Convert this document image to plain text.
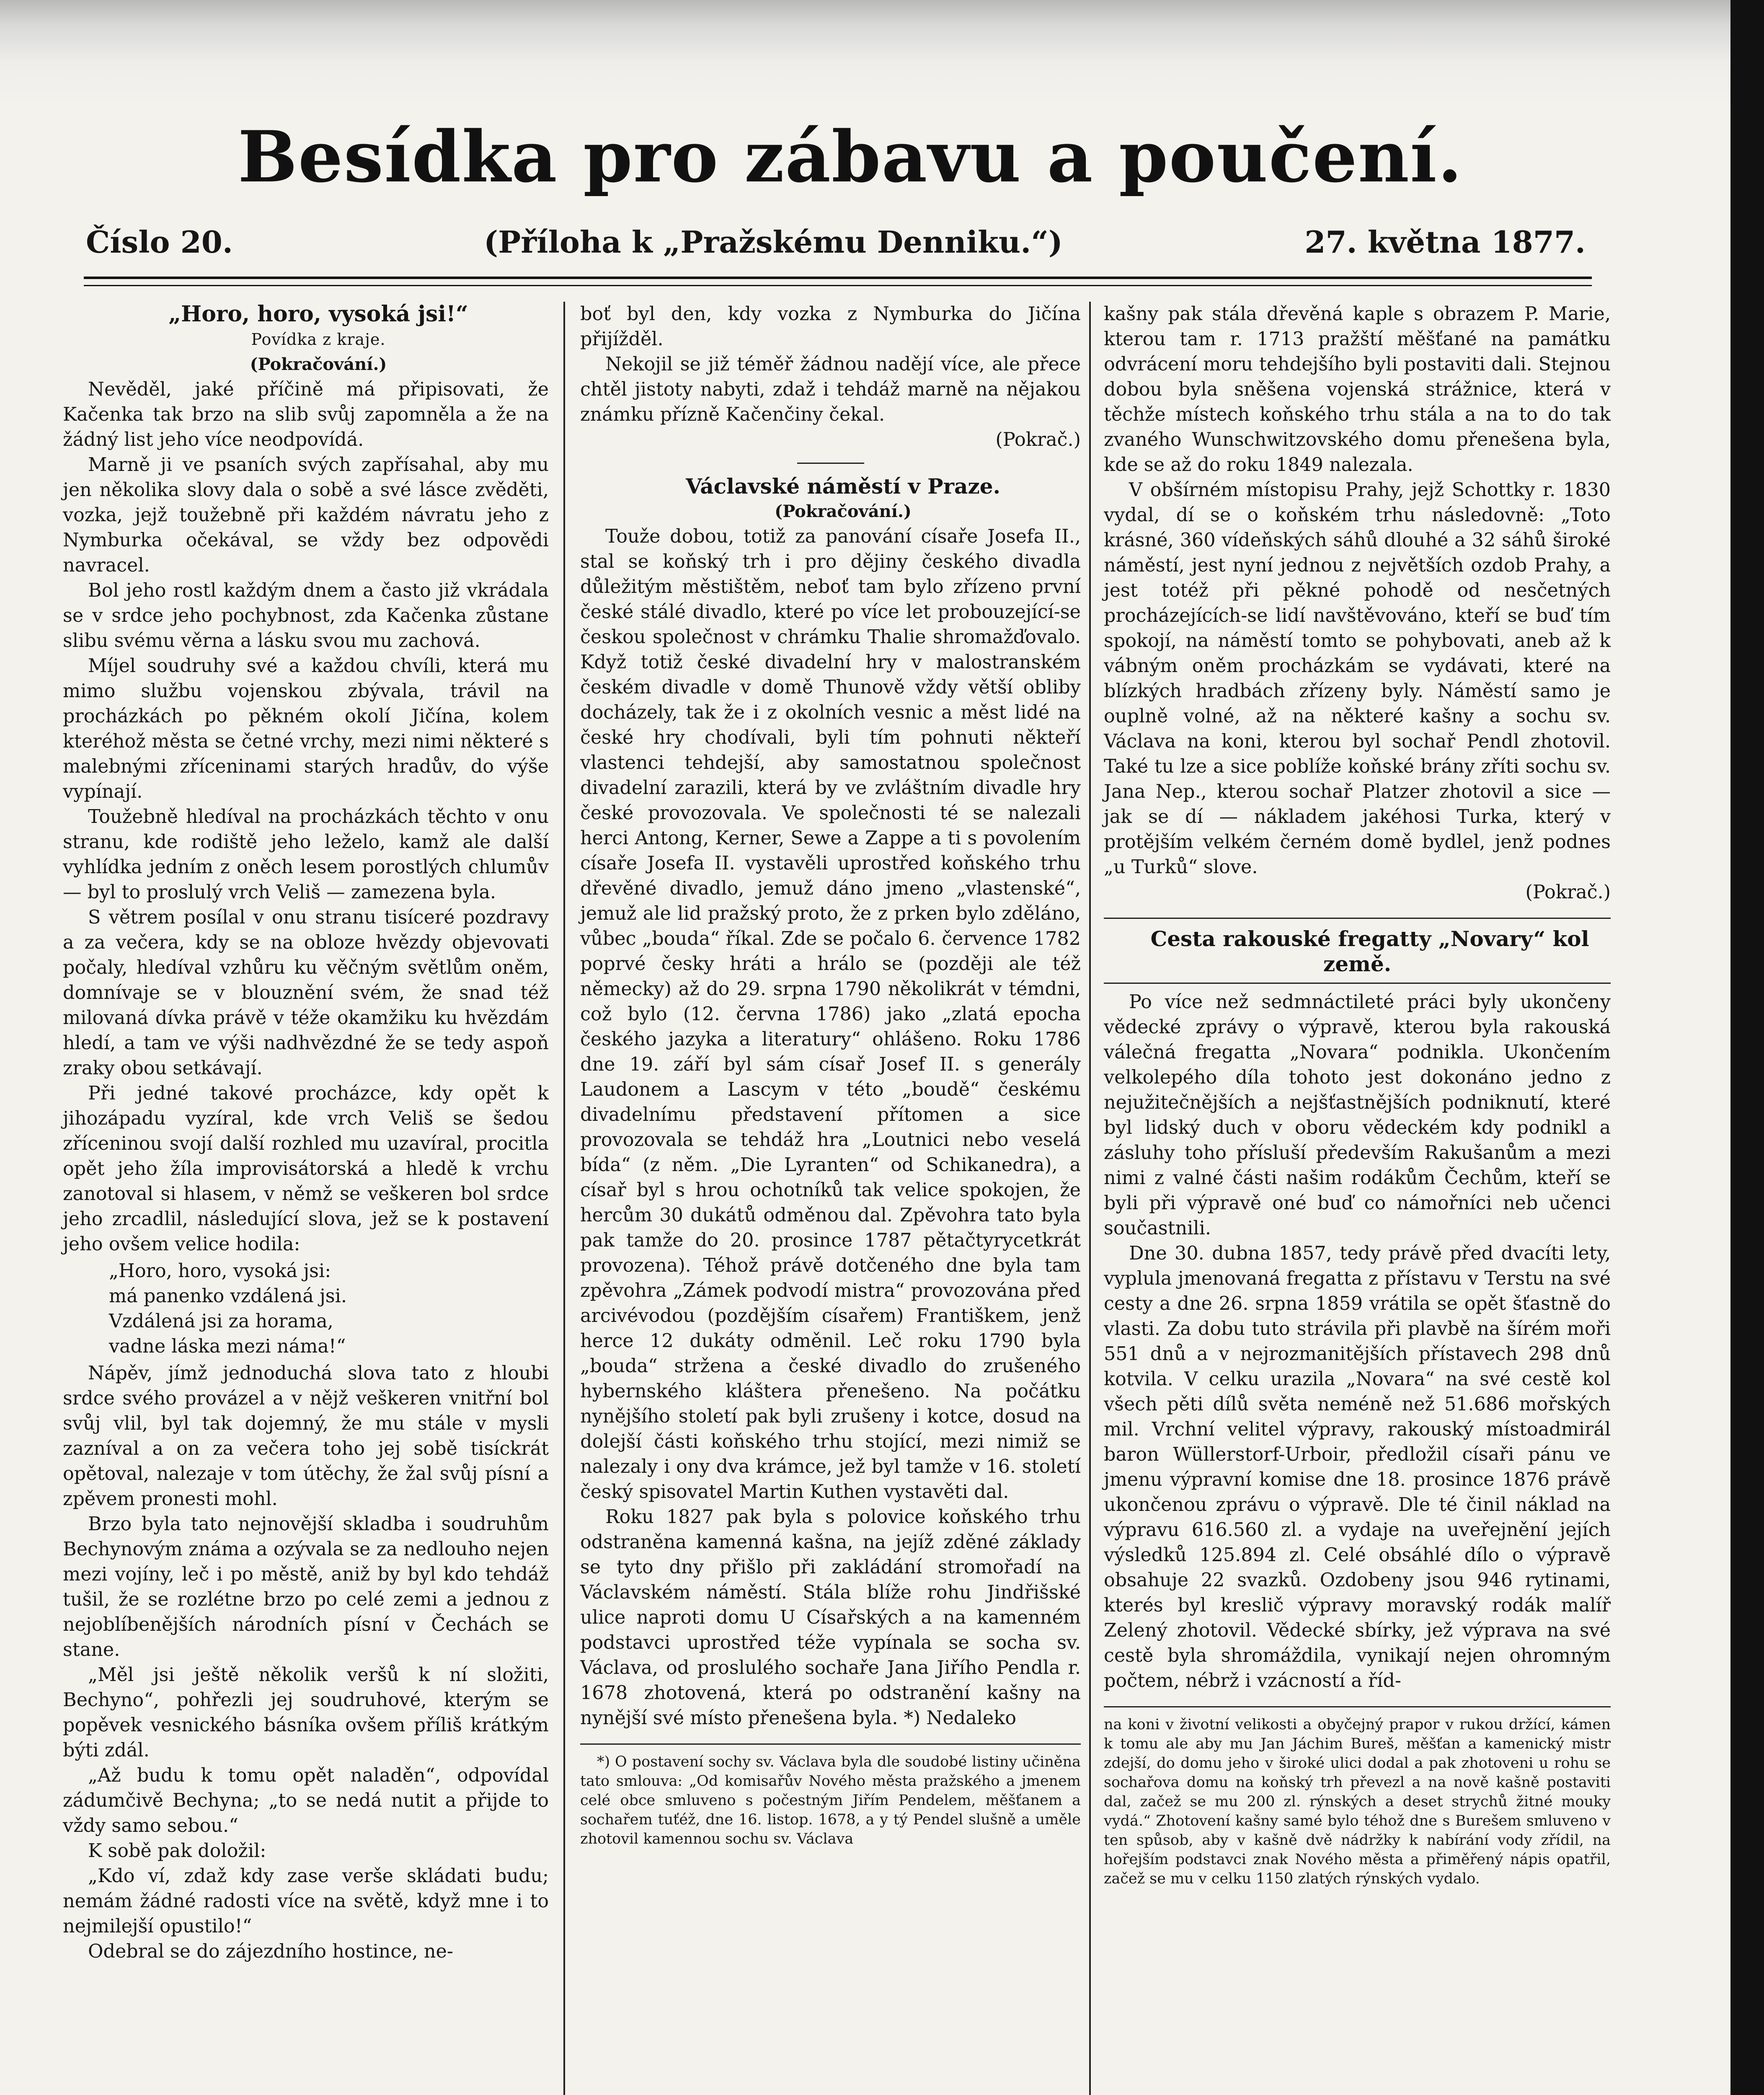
Besídka pro zábavu a poučení.
Číslo 20.	(Příloha k „Pražskému Denniku.“)	27. května 1877.

„Horo, horo, vysoká jsi!“

Povídka z kraje.

(Pokračování.)

Nevěděl, jaké příčině má připisovati, že Kačenka tak brzo na slib svůj zapomněla a že na žádný list jeho více neodpovídá.

Marně ji ve psaních svých zapřísahal, aby mu jen několika slovy dala o sobě a své lásce zvěděti, vozka, jejž toužebně při každém návratu jeho z Nymburka očekával, se vždy bez odpovědi navracel.

Bol jeho rostl každým dnem a často již vkrádala se v srdce jeho pochybnost, zda Kačenka zůstane slibu svému věrna a lásku svou mu zachová.

Míjel soudruhy své a každou chvíli, která mu mimo službu vojenskou zbývala, trávil na procházkách po pěkném okolí Jičína, kolem kteréhož města se četné vrchy, mezi nimi některé s malebnými zříceninami starých hradův, do výše vypínají.

Toužebně hledíval na procházkách těchto v onu stranu, kde rodiště jeho leželo, kamž ale další vyhlídka jedním z oněch lesem porostlých chlumův — byl to proslulý vrch Veliš — zamezena byla.

S větrem posílal v onu stranu tisíceré pozdravy a za večera, kdy se na obloze hvězdy objevovati počaly, hledíval vzhůru ku věčným světlům oněm, domnívaje se v blouznění svém, že snad též milovaná dívka právě v téže okamžiku ku hvězdám hledí, a tam ve výši nadhvězdné že se tedy aspoň zraky obou setkávají.

Při jedné takové procházce, kdy opět k jihozápadu vyzíral, kde vrch Veliš se šedou zříceninou svojí další rozhled mu uzavíral, procitla opět jeho žíla improvisátorská a hledě k vrchu zanotoval si hlasem, v němž se veškeren bol srdce jeho zrcadlil, následující slova, jež se k postavení jeho ovšem velice hodila:

„Horo, horo, vysoká jsi:
má panenko vzdálená jsi.
Vzdálená jsi za horama,
vadne láska mezi náma!“

Nápěv, jímž jednoduchá slova tato z hloubi srdce svého provázel a v nějž veškeren vnitřní bol svůj vlil, byl tak dojemný, že mu stále v mysli zazníval a on za večera toho jej sobě tisíckrát opětoval, nalezaje v tom útěchy, že žal svůj písní a zpěvem pronesti mohl.

Brzo byla tato nejnovější skladba i soudruhům Bechynovým známa a ozývala se za nedlouho nejen mezi vojíny, leč i po městě, aniž by byl kdo tehdáž tušil, že se rozlétne brzo po celé zemi a jednou z nejoblíbenějších národních písní v Čechách se stane.

„Měl jsi ještě několik veršů k ní složiti, Bechyno“, pohřezli jej soudruhové, kterým se popěvek vesnického básníka ovšem příliš krátkým býti zdál.

„Až budu k tomu opět naladěn“, odpovídal zádumčivě Bechyna; „to se nedá nutit a přijde to vždy samo sebou.“

K sobě pak doložil:

„Kdo ví, zdaž kdy zase verše skládati budu; nemám žádné radosti více na světě, když mne i to nejmilejší opustilo!“

Odebral se do zájezdního hostince, ne-

boť byl den, kdy vozka z Nymburka do Jičína přijížděl.

Nekojil se již téměř žádnou nadějí více, ale přece chtěl jistoty nabyti, zdaž i tehdáž marně na nějakou známku přízně Kačenčiny čekal.

(Pokrač.)

Václavské náměstí v Praze.

(Pokračování.)

Touže dobou, totiž za panování císaře Josefa II., stal se koňský trh i pro dějiny českého divadla důležitým městištěm, neboť tam bylo zřízeno první české stálé divadlo, které po více let probouzející-se českou společnost v chrámku Thalie shromažďovalo. Když totiž české divadelní hry v malostranském českém divadle v domě Thunově vždy větší obliby docházely, tak že i z okolních vesnic a měst lidé na české hry chodívali, byli tím pohnuti někteří vlastenci tehdejší, aby samostatnou společnost divadelní zarazili, která by ve zvláštním divadle hry české provozovala. Ve společnosti té se nalezali herci Antong, Kerner, Sewe a Zappe a ti s povolením císaře Josefa II. vystavěli uprostřed koňského trhu dřevěné divadlo, jemuž dáno jmeno „vlastenské“, jemuž ale lid pražský proto, že z prken bylo zděláno, vůbec „bouda“ říkal. Zde se počalo 6. července 1782 poprvé česky hráti a hrálo se (později ale též německy) až do 29. srpna 1790 několikrát v témdni, což bylo (12. června 1786) jako „zlatá epocha českého jazyka a literatury“ ohlášeno. Roku 1786 dne 19. září byl sám císař Josef II. s generály Laudonem a Lascym v této „boudě“ českému divadelnímu představení přítomen a sice provozovala se tehdáž hra „Loutnici nebo veselá bída“ (z něm. „Die Lyranten“ od Schikanedra), a císař byl s hrou ochotníků tak velice spokojen, že hercům 30 dukátů odměnou dal. Zpěvohra tato byla pak tamže do 20. prosince 1787 pětačtyrycetkrát provozena). Téhož právě dotčeného dne byla tam zpěvohra „Zámek podvodí mistra“ provozována před arcivévodou (pozdějším císařem) Františkem, jenž herce 12 dukáty odměnil. Leč roku 1790 byla „bouda“ stržena a české divadlo do zrušeného hybernského kláštera přenešeno. Na počátku nynějšího století pak byli zrušeny i kotce, dosud na dolejší části koňského trhu stojící, mezi nimiž se nalezaly i ony dva krámce, jež byl tamže v 16. století český spisovatel Martin Kuthen vystavěti dal.

Roku 1827 pak byla s polovice koňského trhu odstraněna kamenná kašna, na jejíž zděné základy se tyto dny přišlo při zakládání stromořadí na Václavském náměstí. Stála blíže rohu Jindřišské ulice naproti domu U Císařských a na kamenném podstavci uprostřed téže vypínala se socha sv. Václava, od proslulého sochaře Jana Jiřího Pendla r. 1678 zhotovená, která po odstranění kašny na nynější své místo přenešena byla. *) Nedaleko

*) O postavení sochy sv. Václava byla dle soudobé listiny učiněna tato smlouva: „Od komisařův Nového města pražského a jmenem celé obce smluveno s počestným Jiřím Pendelem, měšťanem a sochařem tuťéž, dne 16. listop. 1678, a y tý Pendel slušně a uměle zhotovil kamennou sochu sv. Václava

kašny pak stála dřevěná kaple s obrazem P. Marie, kterou tam r. 1713 pražští měšťané na památku odvrácení moru tehdejšího byli postaviti dali. Stejnou dobou byla sněšena vojenská strážnice, která v těchže místech koňského trhu stála a na to do tak zvaného Wunschwitzovského domu přenešena byla, kde se až do roku 1849 nalezala.

V obšírném místopisu Prahy, jejž Schottky r. 1830 vydal, dí se o koňském trhu následovně: „Toto krásné, 360 vídeňských sáhů dlouhé a 32 sáhů široké náměstí, jest nyní jednou z největších ozdob Prahy, a jest totéž při pěkné pohodě od nesčetných procházejících-se lidí navštěvováno, kteří se buď tím spokojí, na náměstí tomto se pohybovati, aneb až k vábným oněm procházkám se vydávati, které na blízkých hradbách zřízeny byly. Náměstí samo je ouplně volné, až na některé kašny a sochu sv. Václava na koni, kterou byl sochař Pendl zhotovil. Také tu lze a sice poblíže koňské brány zříti sochu sv. Jana Nep., kterou sochař Platzer zhotovil a sice — jak se dí — nákladem jakéhosi Turka, který v protějším velkém černém domě bydlel, jenž podnes „u Turků“ slove.

(Pokrač.)

Cesta rakouské fregatty „Novary“ kol země.

Po více než sedmnáctileté práci byly ukončeny vědecké zprávy o výpravě, kterou byla rakouská válečná fregatta „Novara“ podnikla. Ukončením velkolepého díla tohoto jest dokonáno jedno z nejužitečnějších a nejšťastnějších podniknutí, které byl lidský duch v oboru vědeckém kdy podnikl a zásluhy toho přísluší především Rakušanům a mezi nimi z valné části našim rodákům Čechům, kteří se byli při výpravě oné buď co námořníci neb učenci součastnili.

Dne 30. dubna 1857, tedy právě před dvacíti lety, vyplula jmenovaná fregatta z přístavu v Terstu na své cesty a dne 26. srpna 1859 vrátila se opět šťastně do vlasti. Za dobu tuto strávila při plavbě na šírém moři 551 dnů a v nejrozmanitějších přístavech 298 dnů kotvila. V celku urazila „Novara“ na své cestě kol všech pěti dílů světa neméně než 51.686 mořských mil. Vrchní velitel výpravy, rakouský místoadmirál baron Wüllerstorf-Urboir, předložil císaři pánu ve jmenu výpravní komise dne 18. prosince 1876 právě ukončenou zprávu o výpravě. Dle té činil náklad na výpravu 616.560 zl. a vydaje na uveřejnění jejích výsledků 125.894 zl. Celé obsáhlé dílo o výpravě obsahuje 22 svazků. Ozdobeny jsou 946 rytinami, kterés byl kreslič výpravy moravský rodák malíř Zelený zhotovil. Vědecké sbírky, jež výprava na své cestě byla shromáždila, vynikají nejen ohromným počtem, nébrž i vzácností a říd-

na koni v životní velikosti a obyčejný prapor v rukou držící, kámen k tomu ale aby mu Jan Jáchim Bureš, měšťan a kamenický mistr zdejší, do domu jeho v široké ulici dodal a pak zhotoveni u rohu se sochařova domu na koňský trh převezl a na nově kašně postaviti dal, začež se mu 200 zl. rýnských a deset strychů žitné mouky vydá.“ Zhotovení kašny samé bylo téhož dne s Burešem smluveno v ten spůsob, aby v kašně dvě nádržky k nabírání vody zřídil, na hořejším podstavci znak Nového města a přiměřený nápis opatřil, začež se mu v celku 1150 zlatých rýnských vydalo.
